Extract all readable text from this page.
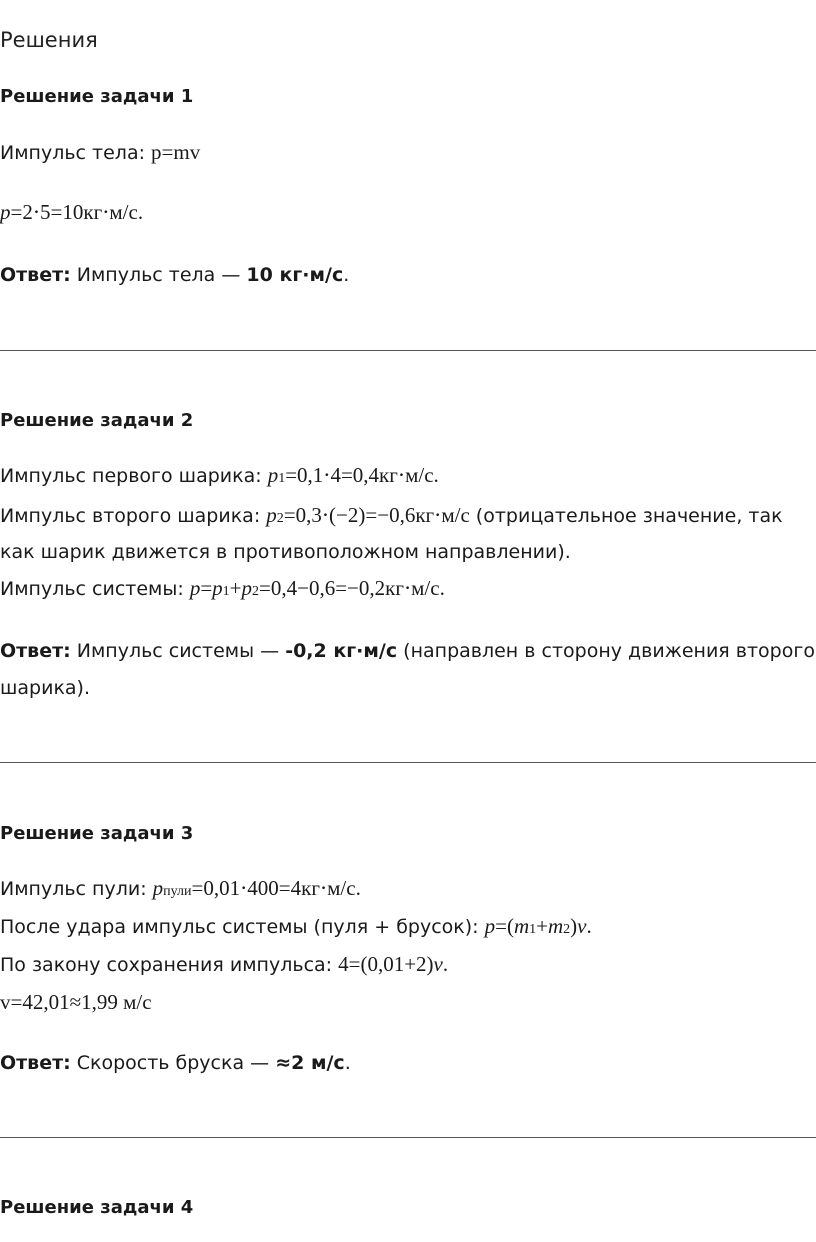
Решения
Решение задачи 1
Импульс тела: p=mv
p=2⋅5=10кг⋅м/с.
Ответ: Импульс тела — 10 кг·м/с.
Решение задачи 2
Импульс первого шарика: p1=0,1⋅4=0,4кг⋅м/с.
Импульс второго шарика: p2=0,3⋅(−2)=−0,6кг⋅м/с (отрицательное значение, так
как шарик движется в противоположном направлении).
Импульс системы: p=p1+p2=0,4−0,6=−0,2кг⋅м/с.
Ответ: Импульс системы — -0,2 кг·м/с (направлен в сторону движения второго
шарика).
Решение задачи 3
Импульс пули: pпули=0,01⋅400=4кг⋅м/с.
После удара импульс системы (пуля + брусок): p=(m1+m2)v.
По закону сохранения импульса: 4=(0,01+2)v.
v=42,01≈1,99 м/с
Ответ: Скорость бруска — ≈2 м/с.
Решение задачи 4
